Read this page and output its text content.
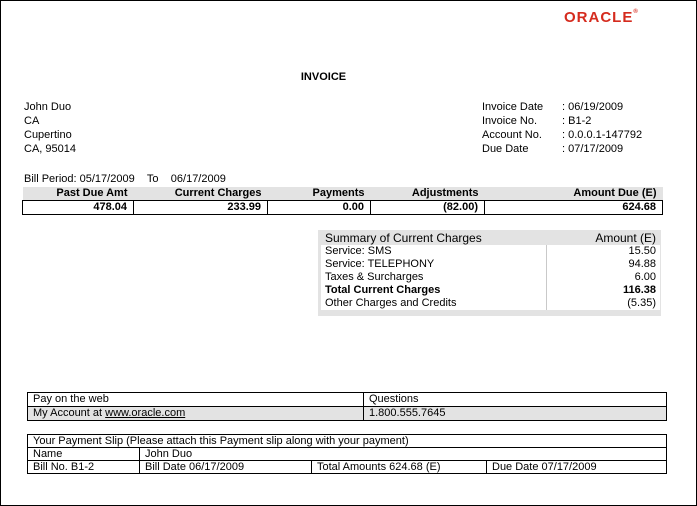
ORACLE®
INVOICE
John Duo
CA
Cupertino
CA, 95014
Invoice Date	: 06/19/2009
Invoice No.	: B1-2
Account No.	: 0.0.0.1-147792
Due Date	: 07/17/2009
Bill Period: 05/17/2009 To 06/17/2009
Past Due Amt	Current Charges	Payments	Adjustments	Amount Due (E)
478.04	233.99	0.00	(82.00)	624.68
Summary of Current Charges	Amount (E)
Service: SMS	15.50
Service: TELEPHONY	94.88
Taxes & Surcharges	6.00
Total Current Charges	116.38
Other Charges and Credits	(5.35)
Pay on the web	Questions
My Account at www.oracle.com	1.800.555.7645
Your Payment Slip (Please attach this Payment slip along with your payment)			
Name	John Duo		
Bill No. B1-2	Bill Date 06/17/2009	Total Amounts 624.68 (E)	Due Date 07/17/2009
